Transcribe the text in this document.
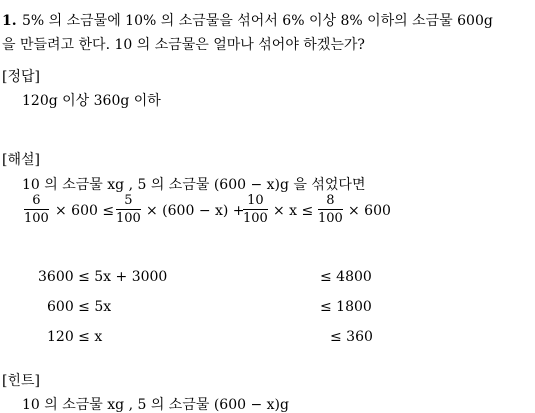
1. 5% 의 소금물에 10% 의 소금물을 섞어서 6% 이상 8% 이하의 소금물 600g
을 만들려고 한다. 10 의 소금물은 얼마나 섞어야 하겠는가?
[정답]
120g 이상 360g 이하
[해설]
10 의 소금물 xg , 5 의 소금물 (600 − x)g 을 섞었다면
$\frac{6}{100} \times 600 \le \frac{5}{100} \times (600 - x)$ +
$\frac{10}{100} \times x \le \frac{8}{100} \times 600$
3600 ≤ 5x + 3000	≤ 4800
600 ≤ 5x	≤ 1800
120 ≤ x	≤ 360
[힌트]
10 의 소금물 xg , 5 의 소금물 (600 − x)g
